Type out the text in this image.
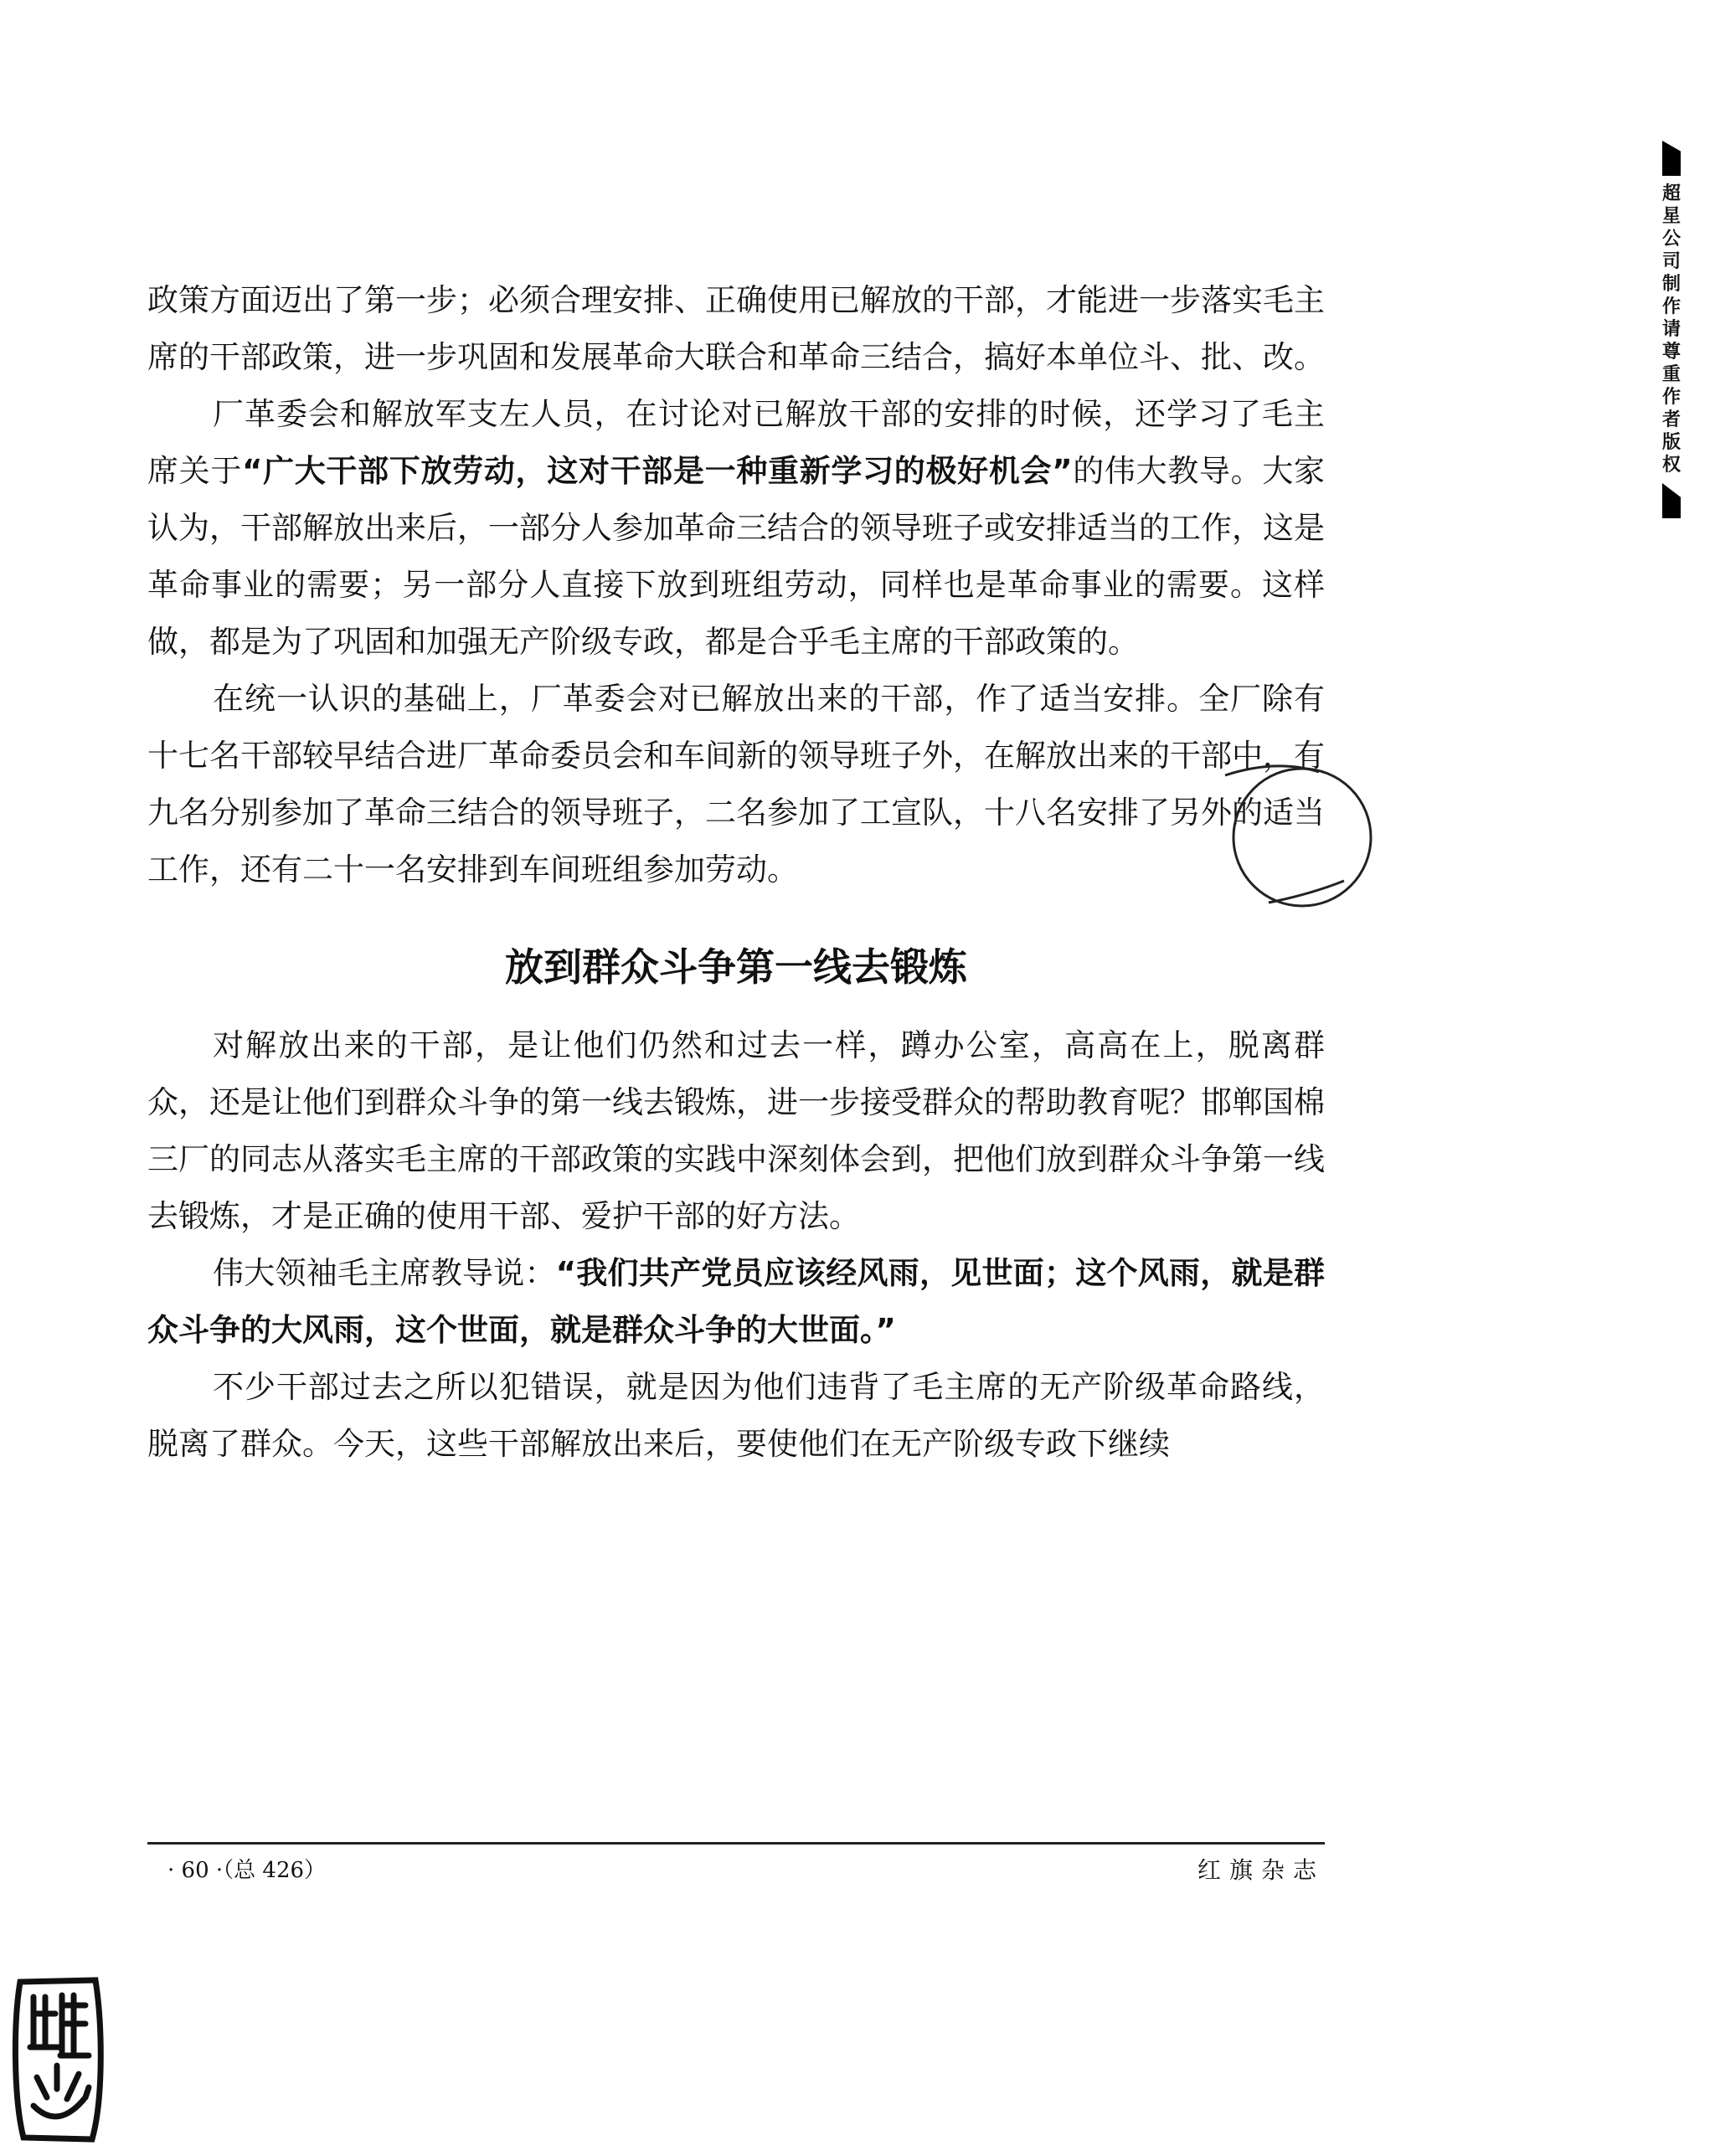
超星公司制作请尊重作者版权

政策方面迈出了第一步；必须合理安排、正确使用已解放的干部，才能进一步落实毛主席的干部政策，进一步巩固和发展革命大联合和革命三结合，搞好本单位斗、批、改。

厂革委会和解放军支左人员，在讨论对已解放干部的安排的时候，还学习了毛主席关于“广大干部下放劳动，这对干部是一种重新学习的极好机会”的伟大教导。大家认为，干部解放出来后，一部分人参加革命三结合的领导班子或安排适当的工作，这是革命事业的需要；另一部分人直接下放到班组劳动，同样也是革命事业的需要。这样做，都是为了巩固和加强无产阶级专政，都是合乎毛主席的干部政策的。

在统一认识的基础上，厂革委会对已解放出来的干部，作了适当安排。全厂除有十七名干部较早结合进厂革命委员会和车间新的领导班子外，在解放出来的干部中，有九名分别参加了革命三结合的领导班子，二名参加了工宣队，十八名安排了另外的适当工作，还有二十一名安排到车间班组参加劳动。

放到群众斗争第一线去锻炼

对解放出来的干部，是让他们仍然和过去一样，蹲办公室，高高在上，脱离群众，还是让他们到群众斗争的第一线去锻炼，进一步接受群众的帮助教育呢？邯郸国棉三厂的同志从落实毛主席的干部政策的实践中深刻体会到，把他们放到群众斗争第一线去锻炼，才是正确的使用干部、爱护干部的好方法。

伟大领袖毛主席教导说：“我们共产党员应该经风雨，见世面；这个风雨，就是群众斗争的大风雨，这个世面，就是群众斗争的大世面。”

不少干部过去之所以犯错误，就是因为他们违背了毛主席的无产阶级革命路线，脱离了群众。今天，这些干部解放出来后，要使他们在无产阶级专政下继续

· 60 ·（总 426）	红旗杂志
